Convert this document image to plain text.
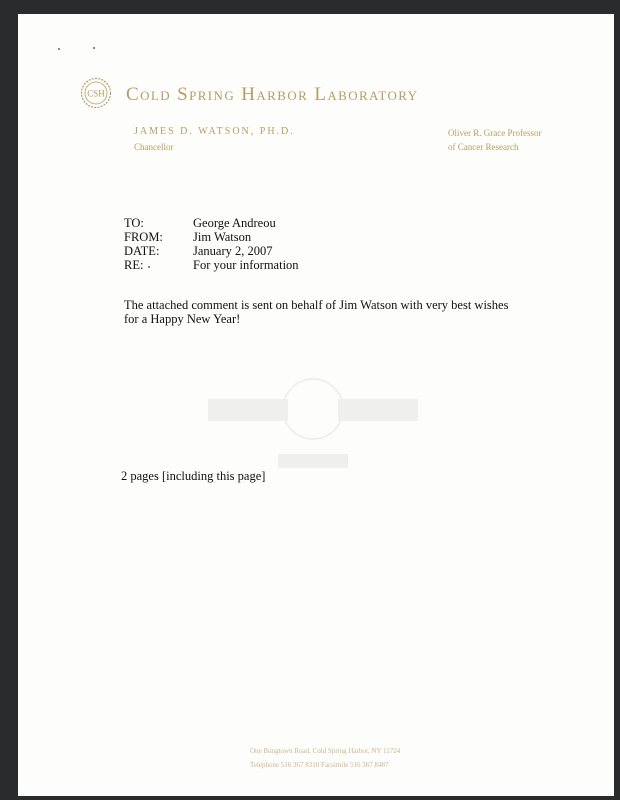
CSH Cold Spring Harbor Laboratory
JAMES D. WATSON, PH.D.
Chancellor
Oliver R. Grace Professor
of Cancer Research
TO:	George Andreou
FROM:	Jim Watson
DATE:	January 2, 2007
RE:	For your information
The attached comment is sent on behalf of Jim Watson with very best wishes for a Happy New Year!
2 pages [including this page]
One Bungtown Road, Cold Spring Harbor, NY 11724
Telephone 516 367 8310 Facsimile 516 367 8487
